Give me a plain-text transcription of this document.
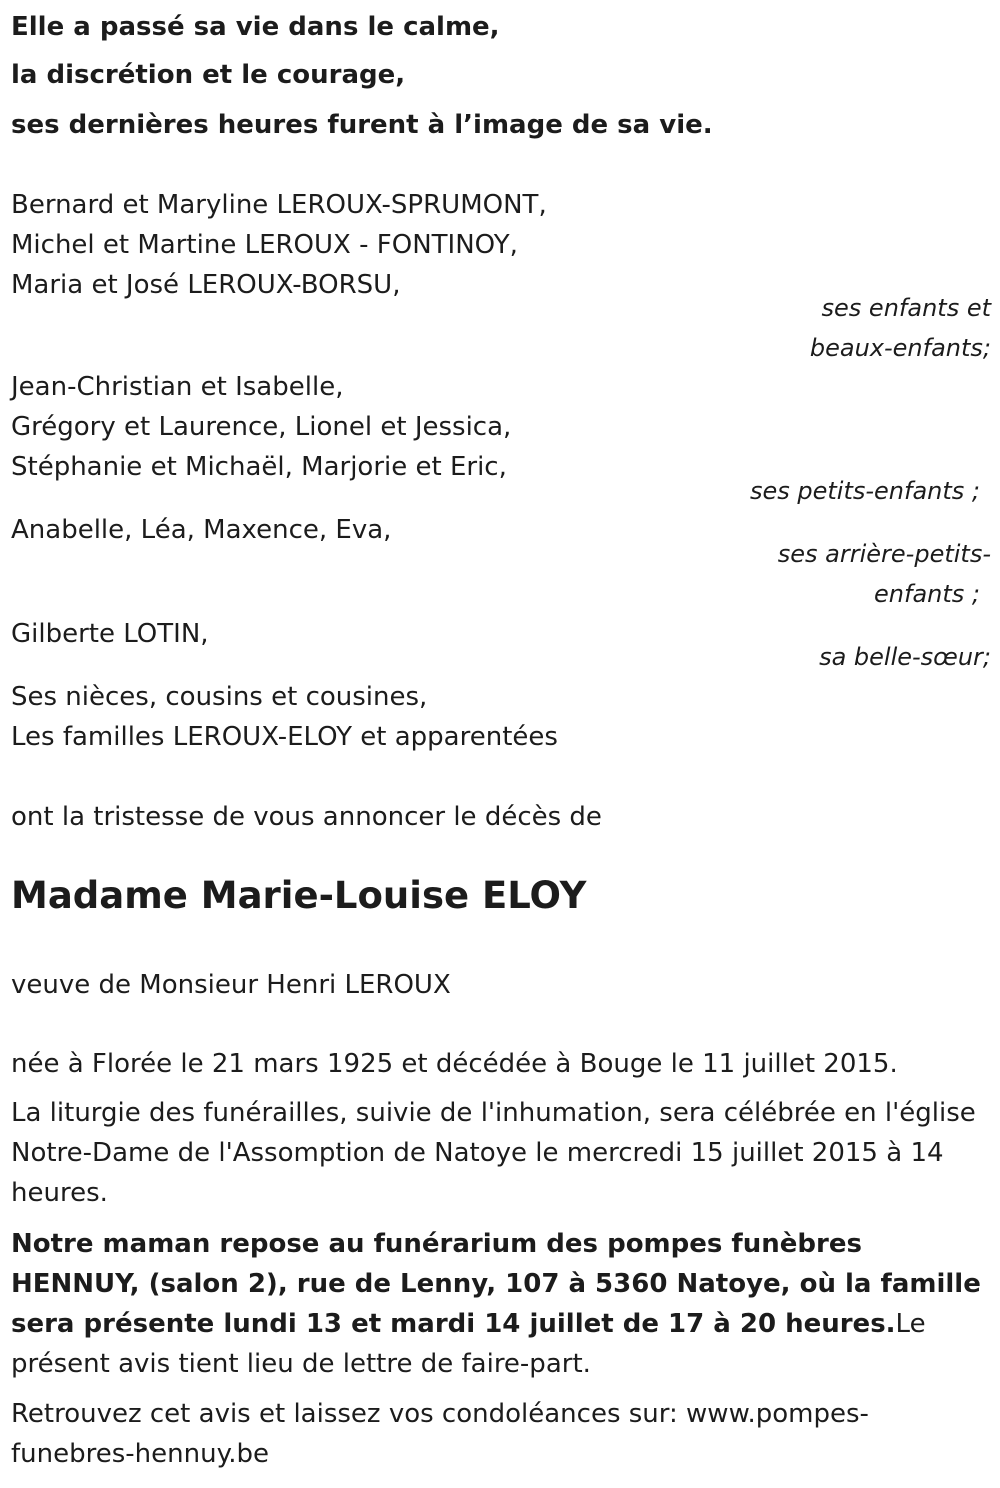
Elle a passé sa vie dans le calme,
la discrétion et le courage,
ses dernières heures furent à l’image de sa vie.
Bernard et Maryline LEROUX-SPRUMONT,
Michel et Martine LEROUX - FONTINOY,
Maria et José LEROUX-BORSU,
ses enfants et
beaux-enfants;
Jean-Christian et Isabelle,
Grégory et Laurence, Lionel et Jessica,
Stéphanie et Michaël, Marjorie et Eric,
ses petits-enfants ;
Anabelle, Léa, Maxence, Eva,
ses arrière-petits-
enfants ;
Gilberte LOTIN,
sa belle-sœur;
Ses nièces, cousins et cousines,
Les familles LEROUX-ELOY et apparentées
ont la tristesse de vous annoncer le décès de
Madame Marie-Louise ELOY
veuve de Monsieur Henri LEROUX
née à Florée le 21 mars 1925 et décédée à Bouge le 11 juillet 2015.
La liturgie des funérailles, suivie de l'inhumation, sera célébrée en l'église Notre-Dame de l'Assomption de Natoye le mercredi 15 juillet 2015 à 14 heures.
Notre maman repose au funérarium des pompes funèbres HENNUY, (salon 2), rue de Lenny, 107 à 5360 Natoye, où la famille sera présente lundi 13 et mardi 14 juillet de 17 à 20 heures.Le présent avis tient lieu de lettre de faire-part.
Retrouvez cet avis et laissez vos condoléances sur: www.pompes-funebres-hennuy.be
